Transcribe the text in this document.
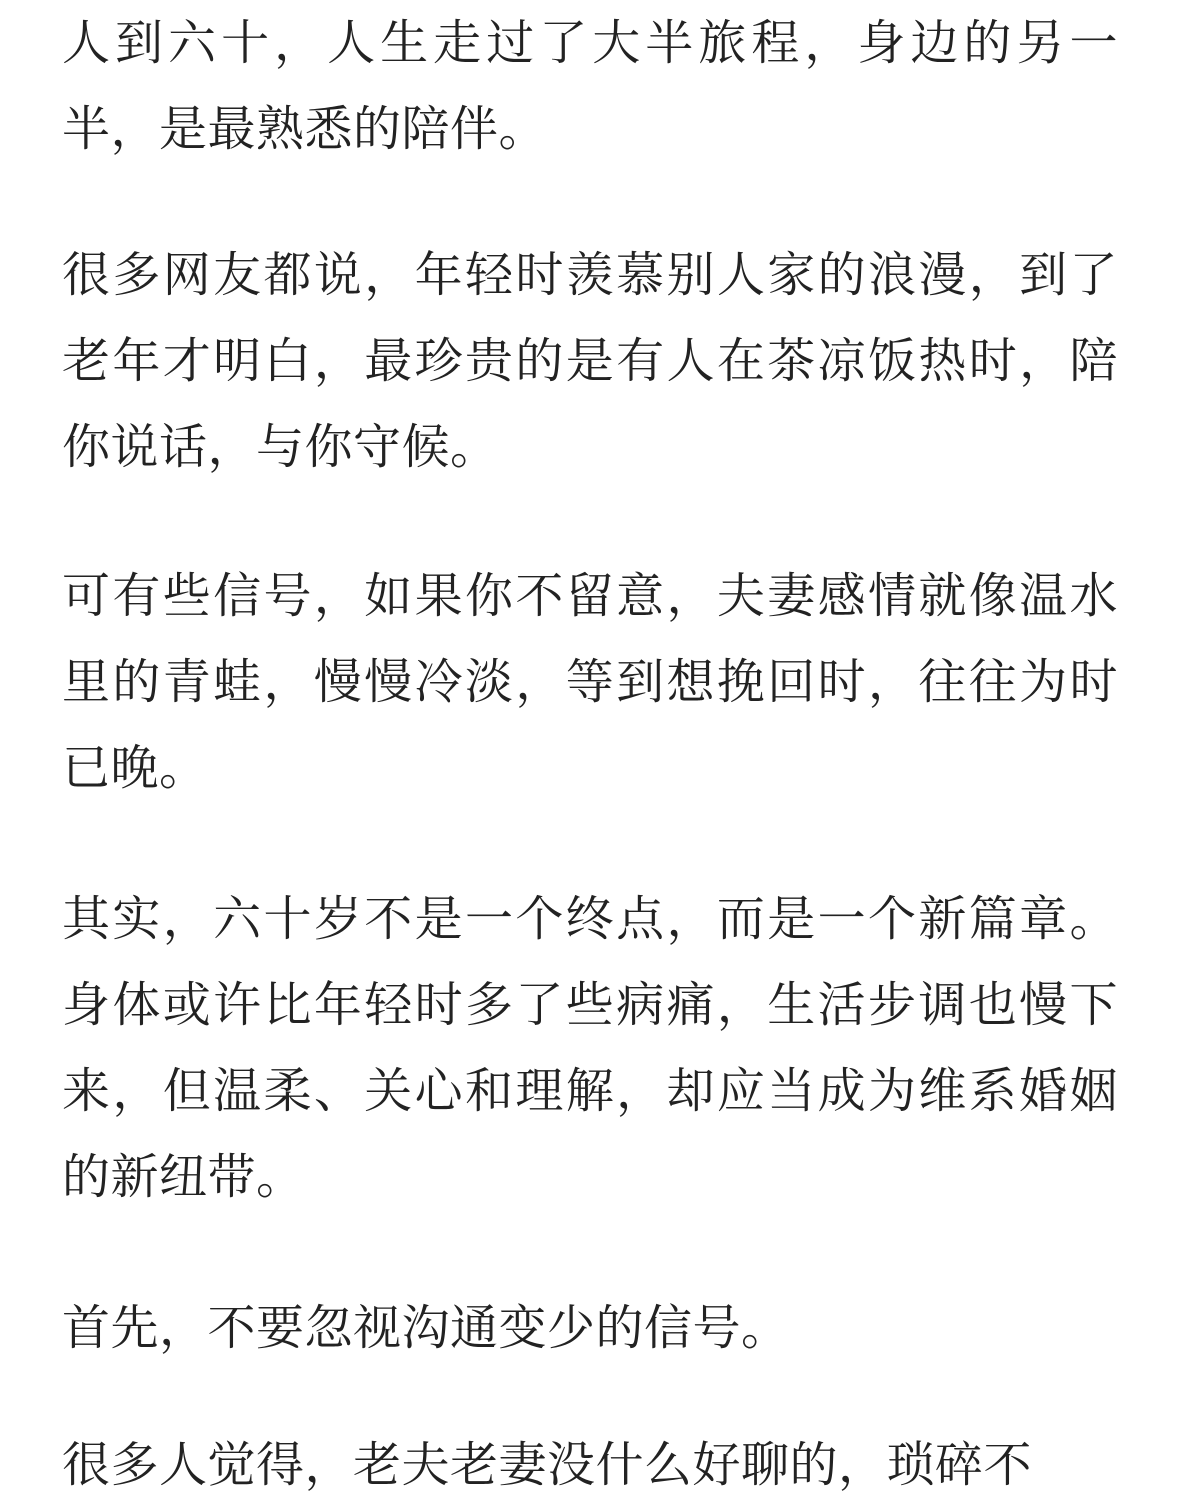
人到六十，人生走过了大半旅程，身边的另一半，是最熟悉的陪伴。

很多网友都说，年轻时羡慕别人家的浪漫，到了老年才明白，最珍贵的是有人在茶凉饭热时，陪你说话，与你守候。

可有些信号，如果你不留意，夫妻感情就像温水里的青蛙，慢慢冷淡，等到想挽回时，往往为时已晚。

其实，六十岁不是一个终点，而是一个新篇章。身体或许比年轻时多了些病痛，生活步调也慢下来，但温柔、关心和理解，却应当成为维系婚姻的新纽带。

首先，不要忽视沟通变少的信号。

很多人觉得，老夫老妻没什么好聊的，琐碎不
